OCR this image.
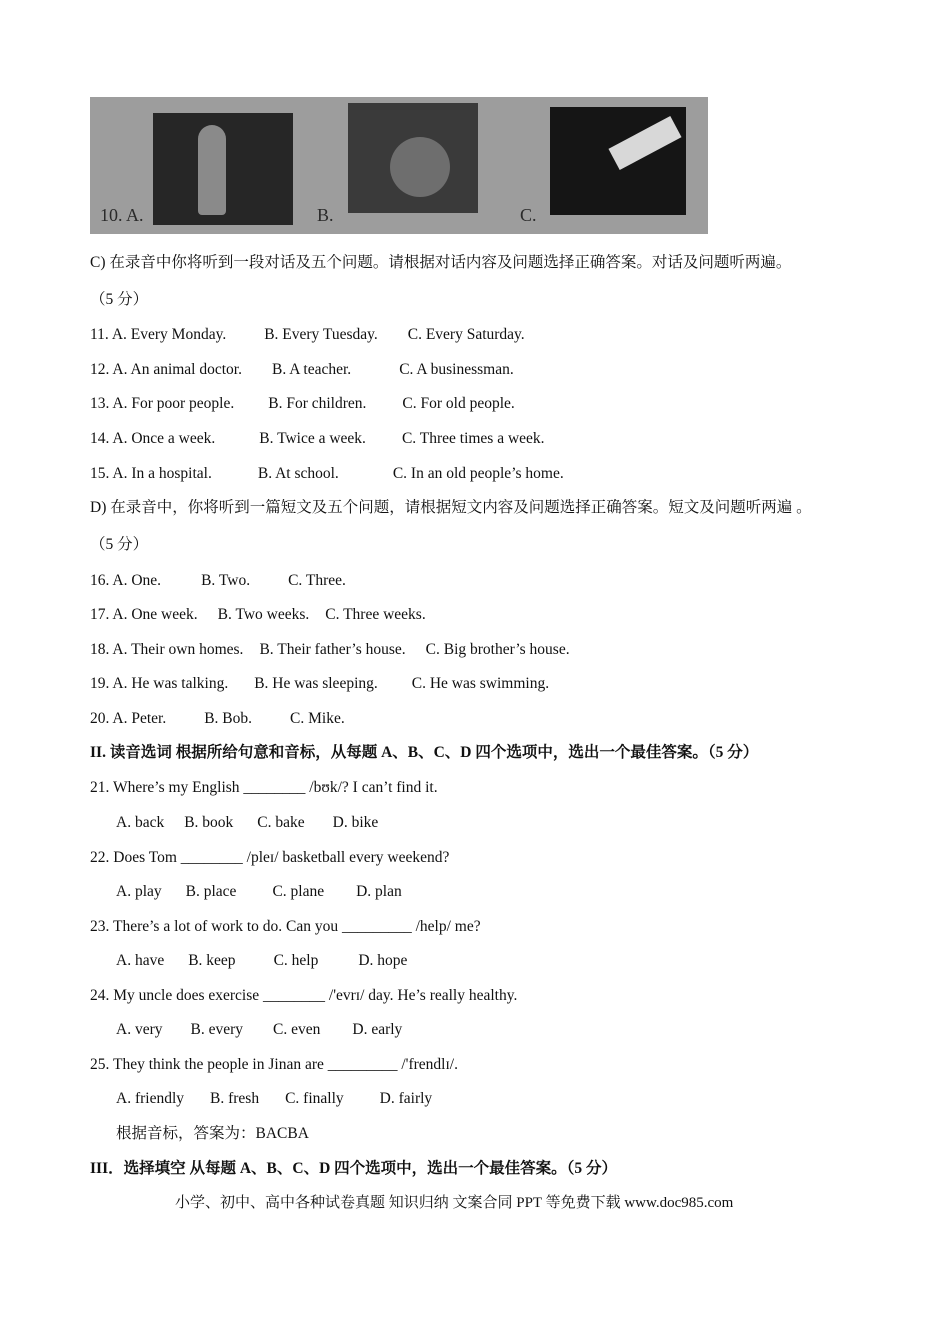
10. A.	B.	C.
C) 在录音中你将听到一段对话及五个问题。请根据对话内容及问题选择正确答案。对话及问题听两遍。
（5 分）
11. A. Every Monday. B. Every Tuesday. C. Every Saturday.
12. A. An animal doctor. B. A teacher.	C. A businessman.
13. A. For poor people. B. For children. C. For old people.
14. A. Once a week.	B. Twice a week. C. Three times a week.
15. A. In a hospital.	B. At school.	C. In an old people’s home.
D) 在录音中，你将听到一篇短文及五个问题，请根据短文内容及问题选择正确答案。短文及问题听两遍 。
（5 分）
16. A. One.	B. Two. C. Three.
17. A. One week. B. Two weeks. C. Three weeks.
18. A. Their own homes. B. Their father’s house. C. Big brother’s house.
19. A. He was talking. B. He was sleeping. C. He was swimming.
20. A. Peter. B. Bob. C. Mike.
II. 读音选词 根据所给句意和音标，从每题 A、B、C、D 四个选项中，选出一个最佳答案。（5 分）
21. Where’s my English ________ /bʊk/? I can’t find it.
A. back B. book C. bake D. bike
22. Does Tom ________ /pleɪ/ basketball every weekend?
A. play B. place C. plane D. plan
23. There’s a lot of work to do. Can you _________ /help/ me?
A. have B. keep C. help	D. hope
24. My uncle does exercise ________ /'evrɪ/ day. He’s really healthy.
A. very B. every C. even D. early
25. They think the people in Jinan are _________ /'frendlɪ/.
A. friendly B. fresh C. finally D. fairly
根据音标，答案为：BACBA
III．选择填空 从每题 A、B、C、D 四个选项中，选出一个最佳答案。（5 分）
小学、初中、高中各种试卷真题 知识归纳 文案合同 PPT 等免费下载 www.doc985.com
